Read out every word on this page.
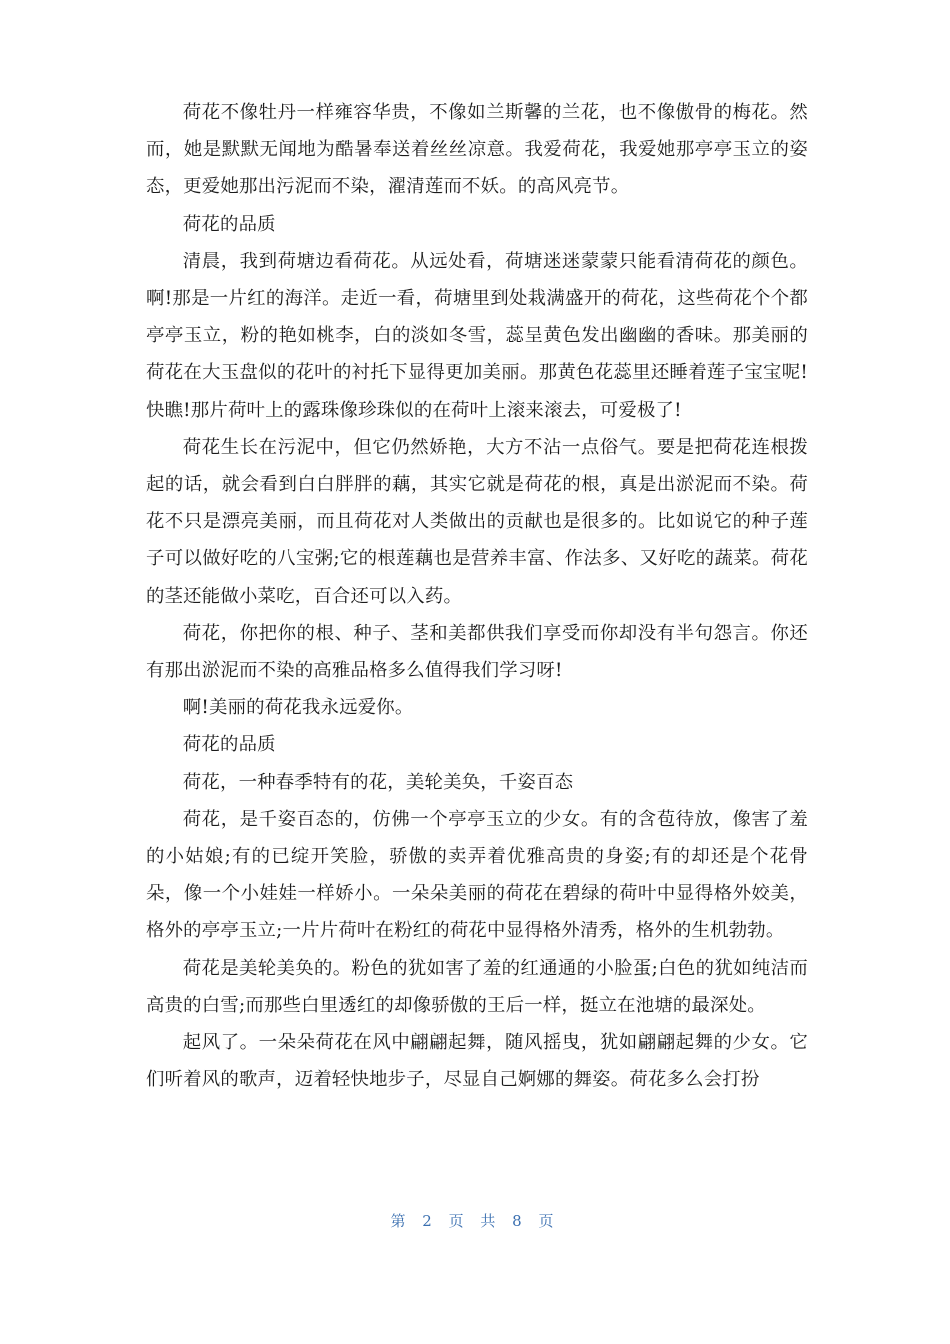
荷花不像牡丹一样雍容华贵，不像如兰斯馨的兰花，也不像傲骨的梅花。然而，她是默默无闻地为酷暑奉送着丝丝凉意。我爱荷花，我爱她那亭亭玉立的姿态，更爱她那出污泥而不染，濯清莲而不妖。的高风亮节。

荷花的品质

清晨，我到荷塘边看荷花。从远处看，荷塘迷迷蒙蒙只能看清荷花的颜色。啊!那是一片红的海洋。走近一看，荷塘里到处栽满盛开的荷花，这些荷花个个都亭亭玉立，粉的艳如桃李，白的淡如冬雪，蕊呈黄色发出幽幽的香味。那美丽的荷花在大玉盘似的花叶的衬托下显得更加美丽。那黄色花蕊里还睡着莲子宝宝呢!快瞧!那片荷叶上的露珠像珍珠似的在荷叶上滚来滚去，可爱极了!

荷花生长在污泥中，但它仍然娇艳，大方不沾一点俗气。要是把荷花连根拨起的话，就会看到白白胖胖的藕，其实它就是荷花的根，真是出淤泥而不染。荷花不只是漂亮美丽，而且荷花对人类做出的贡献也是很多的。比如说它的种子莲子可以做好吃的八宝粥;它的根莲藕也是营养丰富、作法多、又好吃的蔬菜。荷花的茎还能做小菜吃，百合还可以入药。

荷花，你把你的根、种子、茎和美都供我们享受而你却没有半句怨言。你还有那出淤泥而不染的高雅品格多么值得我们学习呀!

啊!美丽的荷花我永远爱你。

荷花的品质

荷花，一种春季特有的花，美轮美奂，千姿百态

荷花，是千姿百态的，仿佛一个亭亭玉立的少女。有的含苞待放，像害了羞的小姑娘;有的已绽开笑脸，骄傲的卖弄着优雅高贵的身姿;有的却还是个花骨朵，像一个小娃娃一样娇小。一朵朵美丽的荷花在碧绿的荷叶中显得格外姣美，格外的亭亭玉立;一片片荷叶在粉红的荷花中显得格外清秀，格外的生机勃勃。

荷花是美轮美奂的。粉色的犹如害了羞的红通通的小脸蛋;白色的犹如纯洁而高贵的白雪;而那些白里透红的却像骄傲的王后一样，挺立在池塘的最深处。

起风了。一朵朵荷花在风中翩翩起舞，随风摇曳，犹如翩翩起舞的少女。它们听着风的歌声，迈着轻快地步子，尽显自己婀娜的舞姿。荷花多么会打扮

第 2 页 共 8 页
